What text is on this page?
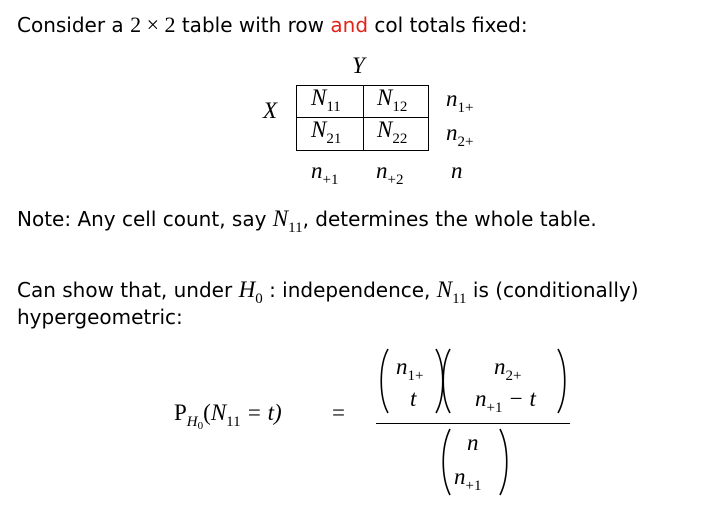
Consider a 2 × 2 table with row and col totals fixed:
Y
X
$N_{11}$ $N_{12}$
$N_{21}$ $N_{22}$
$n_{1+}$
$n_{2+}$
$n_{+1}$ $n_{+2}$ n
Note: Any cell count, say $N_{11}$, determines the whole table.
Can show that, under $H_0$ : independence, $N_{11}$ is (conditionally)
hypergeometric:
$P_{H0}(N_{11} = t)$ =
$n_{1+}$
t
$n_{2+}$
$n_{+1} - t$
n
$n_{+1}$
